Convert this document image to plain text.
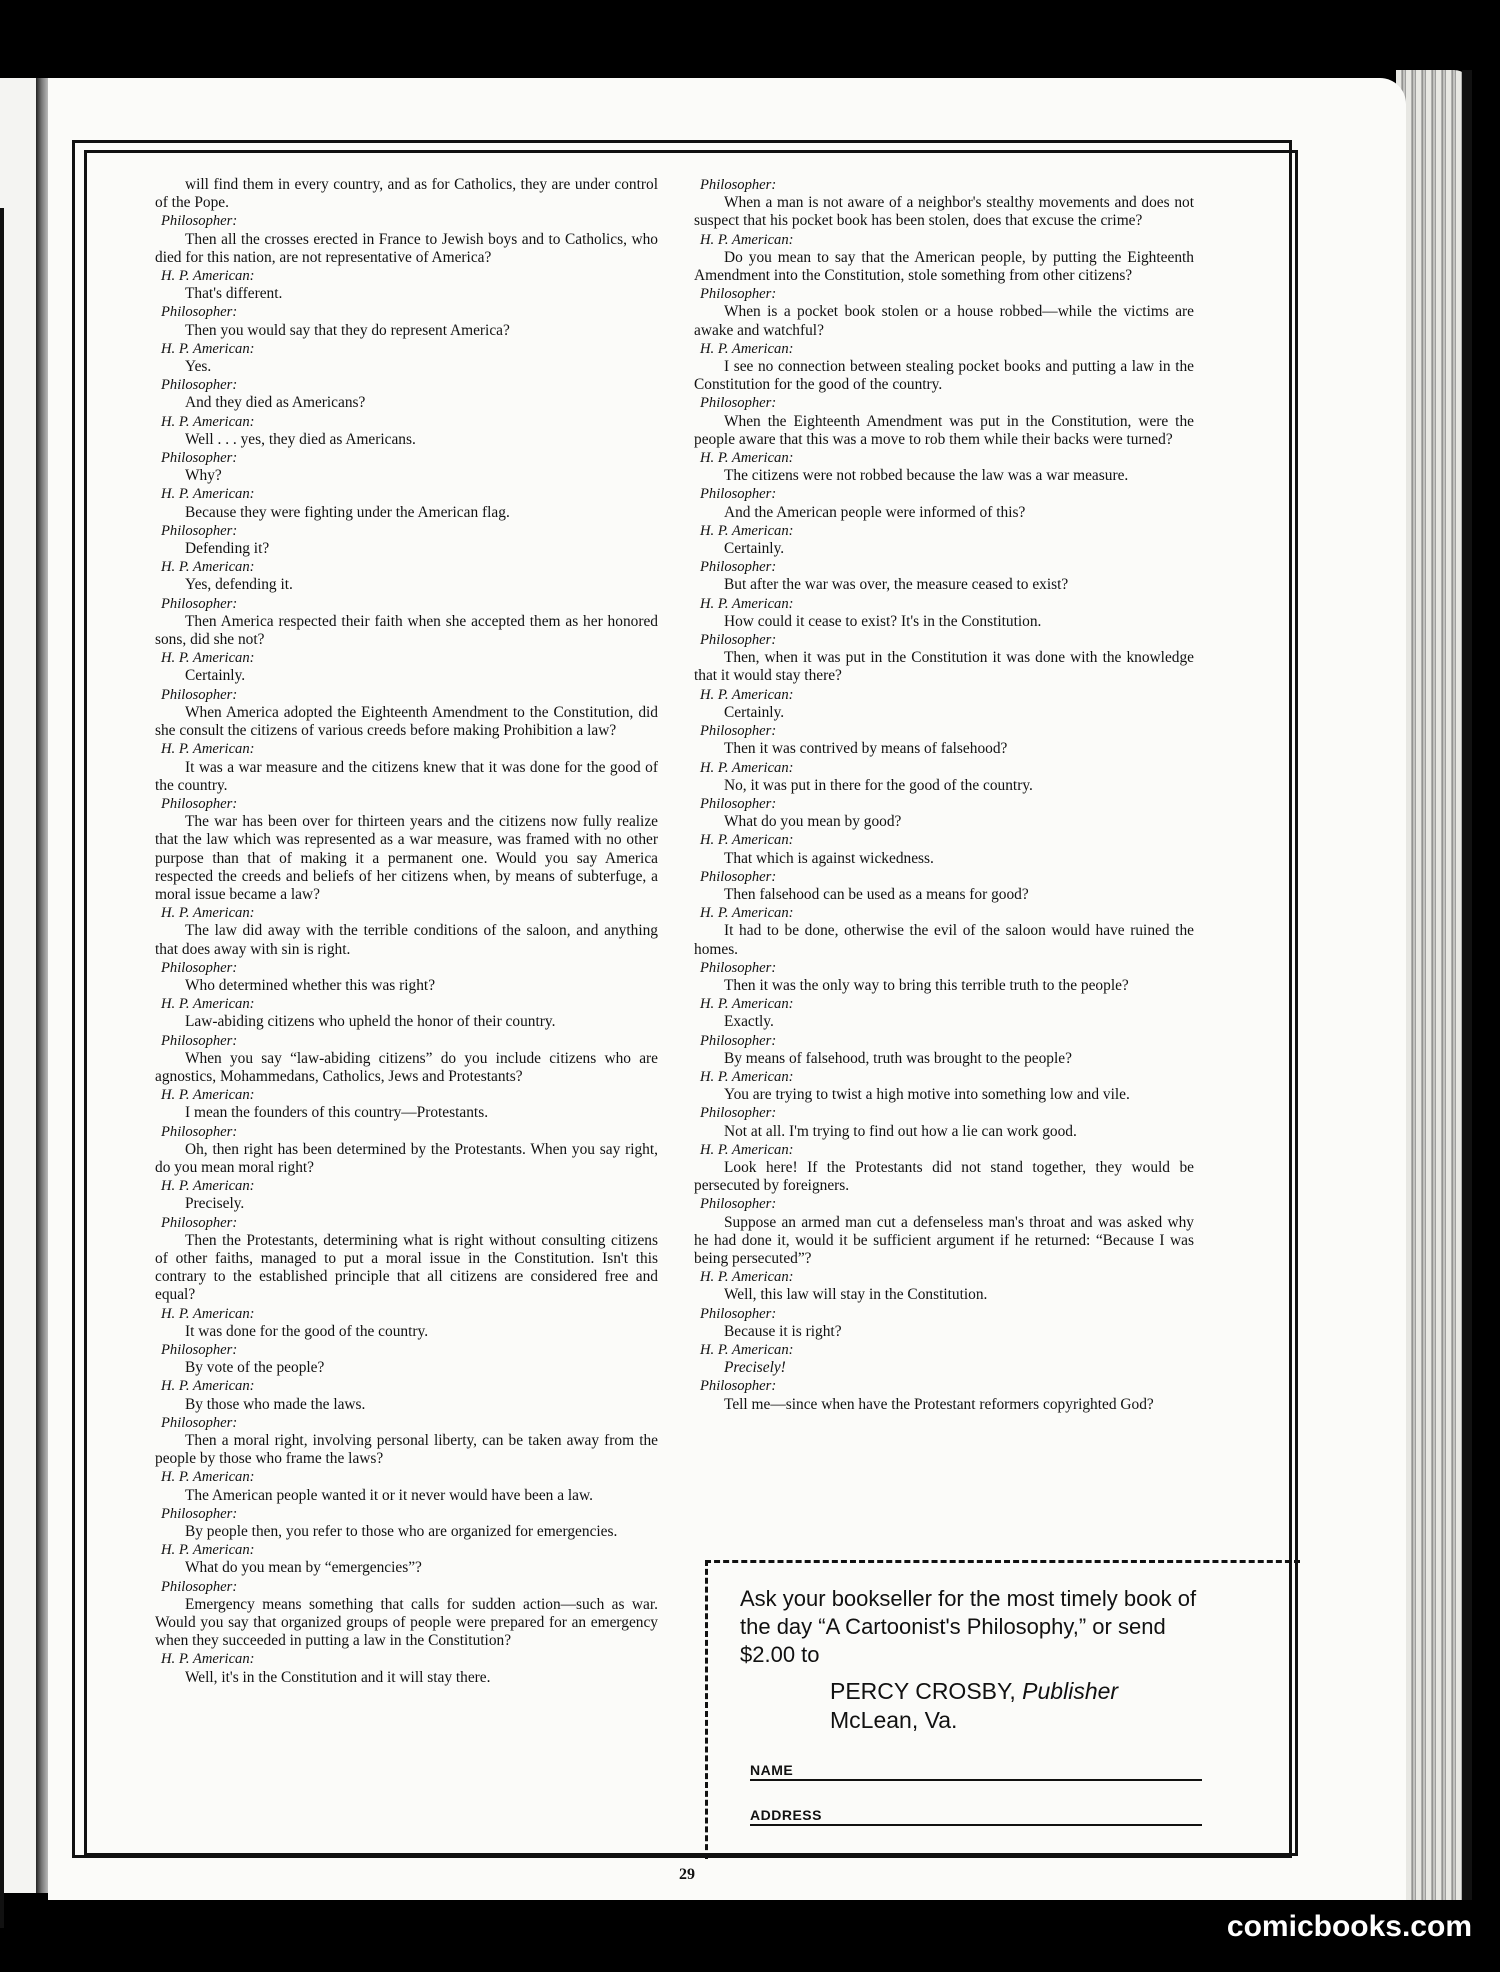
will find them in every country, and as for Catholics, they are under control of the Pope.

Philosopher:

Then all the crosses erected in France to Jewish boys and to Catholics, who died for this nation, are not representative of America?

H. P. American:

That's different.

Philosopher:

Then you would say that they do represent America?

H. P. American:

Yes.

Philosopher:

And they died as Americans?

H. P. American:

Well . . . yes, they died as Americans.

Philosopher:

Why?

H. P. American:

Because they were fighting under the American flag.

Philosopher:

Defending it?

H. P. American:

Yes, defending it.

Philosopher:

Then America respected their faith when she accepted them as her honored sons, did she not?

H. P. American:

Certainly.

Philosopher:

When America adopted the Eighteenth Amendment to the Constitution, did she consult the citizens of various creeds before making Prohibition a law?

H. P. American:

It was a war measure and the citizens knew that it was done for the good of the country.

Philosopher:

The war has been over for thirteen years and the citizens now fully realize that the law which was represented as a war measure, was framed with no other purpose than that of making it a permanent one. Would you say America respected the creeds and beliefs of her citizens when, by means of subterfuge, a moral issue became a law?

H. P. American:

The law did away with the terrible conditions of the saloon, and anything that does away with sin is right.

Philosopher:

Who determined whether this was right?

H. P. American:

Law-abiding citizens who upheld the honor of their country.

Philosopher:

When you say “law-abiding citizens” do you include citizens who are agnostics, Mohammedans, Catholics, Jews and Protestants?

H. P. American:

I mean the founders of this country—Protestants.

Philosopher:

Oh, then right has been determined by the Protestants. When you say right, do you mean moral right?

H. P. American:

Precisely.

Philosopher:

Then the Protestants, determining what is right without consulting citizens of other faiths, managed to put a moral issue in the Constitution. Isn't this contrary to the established principle that all citizens are considered free and equal?

H. P. American:

It was done for the good of the country.

Philosopher:

By vote of the people?

H. P. American:

By those who made the laws.

Philosopher:

Then a moral right, involving personal liberty, can be taken away from the people by those who frame the laws?

H. P. American:

The American people wanted it or it never would have been a law.

Philosopher:

By people then, you refer to those who are organized for emergencies.

H. P. American:

What do you mean by “emergencies”?

Philosopher:

Emergency means something that calls for sudden action—such as war. Would you say that organized groups of people were prepared for an emergency when they succeeded in putting a law in the Constitution?

H. P. American:

Well, it's in the Constitution and it will stay there.

Philosopher:

When a man is not aware of a neighbor's stealthy movements and does not suspect that his pocket book has been stolen, does that excuse the crime?

H. P. American:

Do you mean to say that the American people, by putting the Eighteenth Amendment into the Constitution, stole something from other citizens?

Philosopher:

When is a pocket book stolen or a house robbed—while the victims are awake and watchful?

H. P. American:

I see no connection between stealing pocket books and putting a law in the Constitution for the good of the country.

Philosopher:

When the Eighteenth Amendment was put in the Constitution, were the people aware that this was a move to rob them while their backs were turned?

H. P. American:

The citizens were not robbed because the law was a war measure.

Philosopher:

And the American people were informed of this?

H. P. American:

Certainly.

Philosopher:

But after the war was over, the measure ceased to exist?

H. P. American:

How could it cease to exist? It's in the Constitution.

Philosopher:

Then, when it was put in the Constitution it was done with the knowledge that it would stay there?

H. P. American:

Certainly.

Philosopher:

Then it was contrived by means of falsehood?

H. P. American:

No, it was put in there for the good of the country.

Philosopher:

What do you mean by good?

H. P. American:

That which is against wickedness.

Philosopher:

Then falsehood can be used as a means for good?

H. P. American:

It had to be done, otherwise the evil of the saloon would have ruined the homes.

Philosopher:

Then it was the only way to bring this terrible truth to the people?

H. P. American:

Exactly.

Philosopher:

By means of falsehood, truth was brought to the people?

H. P. American:

You are trying to twist a high motive into something low and vile.

Philosopher:

Not at all. I'm trying to find out how a lie can work good.

H. P. American:

Look here! If the Protestants did not stand together, they would be persecuted by foreigners.

Philosopher:

Suppose an armed man cut a defenseless man's throat and was asked why he had done it, would it be sufficient argument if he returned: “Because I was being persecuted”?

H. P. American:

Well, this law will stay in the Constitution.

Philosopher:

Because it is right?

H. P. American:

Precisely!

Philosopher:

Tell me—since when have the Protestant reformers copyrighted God?

Ask your bookseller for the most timely book of the day “A Cartoonist's Philosophy,” or send $2.00 to
PERCY CROSBY, Publisher
McLean, Va.
NAME
ADDRESS
29
comicbooks.com
